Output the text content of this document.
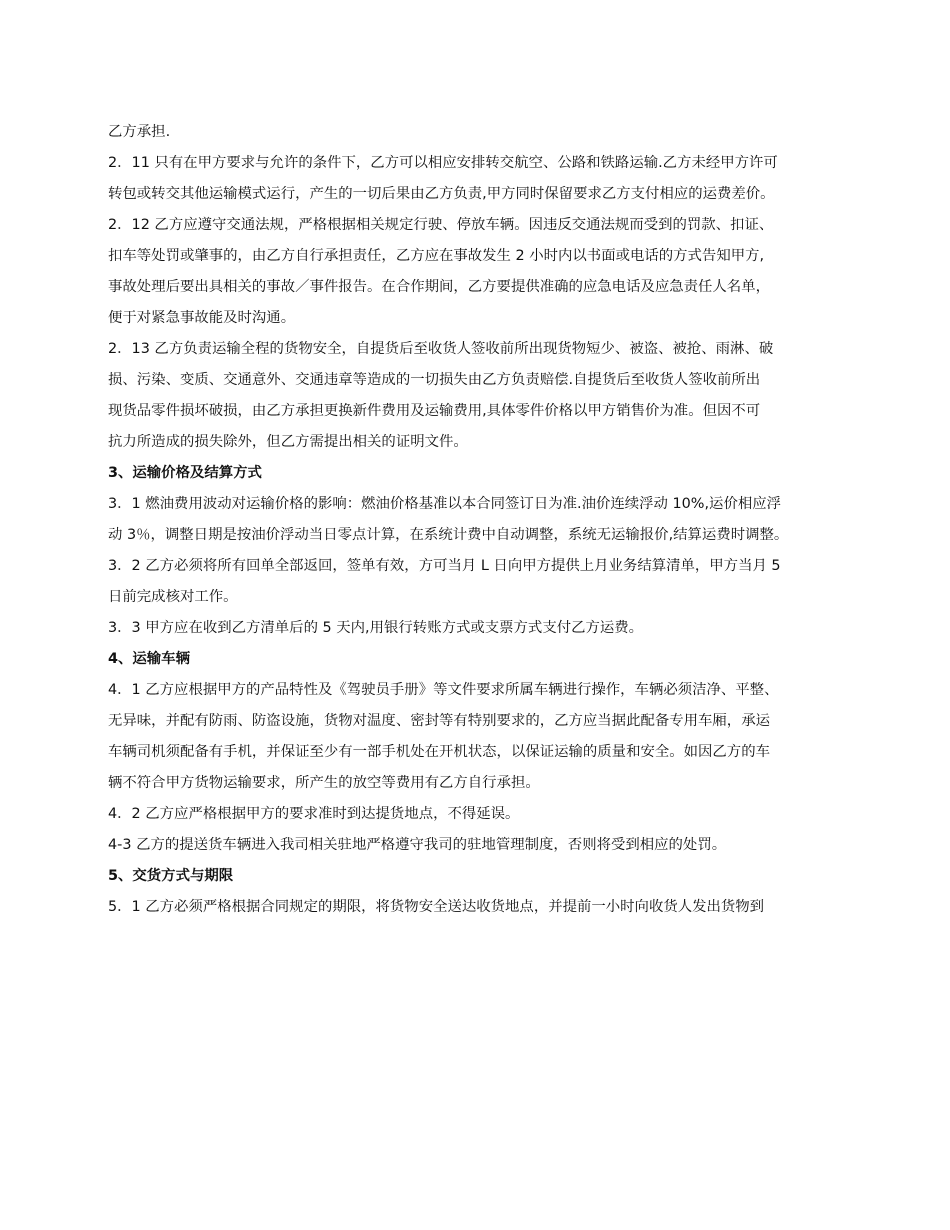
乙方承担.
2．11 只有在甲方要求与允许的条件下，乙方可以相应安排转交航空、公路和铁路运输.乙方未经甲方许可
转包或转交其他运输模式运行，产生的一切后果由乙方负责,甲方同时保留要求乙方支付相应的运费差价。
2．12 乙方应遵守交通法规，严格根据相关规定行驶、停放车辆。因违反交通法规而受到的罚款、扣证、
扣车等处罚或肇事的，由乙方自行承担责任，乙方应在事故发生 2 小时内以书面或电话的方式告知甲方,
事故处理后要出具相关的事故／事件报告。在合作期间，乙方要提供准确的应急电话及应急责任人名单，
便于对紧急事故能及时沟通。
2．13 乙方负责运输全程的货物安全，自提货后至收货人签收前所出现货物短少、被盗、被抢、雨淋、破
损、污染、变质、交通意外、交通违章等造成的一切损失由乙方负责赔偿.自提货后至收货人签收前所出
现货品零件损坏破损，由乙方承担更换新件费用及运输费用,具体零件价格以甲方销售价为准。但因不可
抗力所造成的损失除外，但乙方需提出相关的证明文件。
3、运输价格及结算方式
3．1 燃油费用波动对运输价格的影响：燃油价格基准以本合同签订日为准.油价连续浮动 10%,运价相应浮
动 3％，调整日期是按油价浮动当日零点计算，在系统计费中自动调整，系统无运输报价,结算运费时调整。
3．2 乙方必须将所有回单全部返回，签单有效，方可当月 L 日向甲方提供上月业务结算清单，甲方当月 5
日前完成核对工作。
3．3 甲方应在收到乙方清单后的 5 天内,用银行转账方式或支票方式支付乙方运费。
4、运输车辆
4．1 乙方应根据甲方的产品特性及《驾驶员手册》等文件要求所属车辆进行操作，车辆必须洁净、平整、
无异味，并配有防雨、防盗设施，货物对温度、密封等有特别要求的，乙方应当据此配备专用车厢，承运
车辆司机须配备有手机，并保证至少有一部手机处在开机状态，以保证运输的质量和安全。如因乙方的车
辆不符合甲方货物运输要求，所产生的放空等费用有乙方自行承担。
4．2 乙方应严格根据甲方的要求准时到达提货地点，不得延误。
4-3 乙方的提送货车辆进入我司相关驻地严格遵守我司的驻地管理制度，否则将受到相应的处罚。
5、交货方式与期限
5．1 乙方必须严格根据合同规定的期限，将货物安全送达收货地点，并提前一小时向收货人发出货物到
